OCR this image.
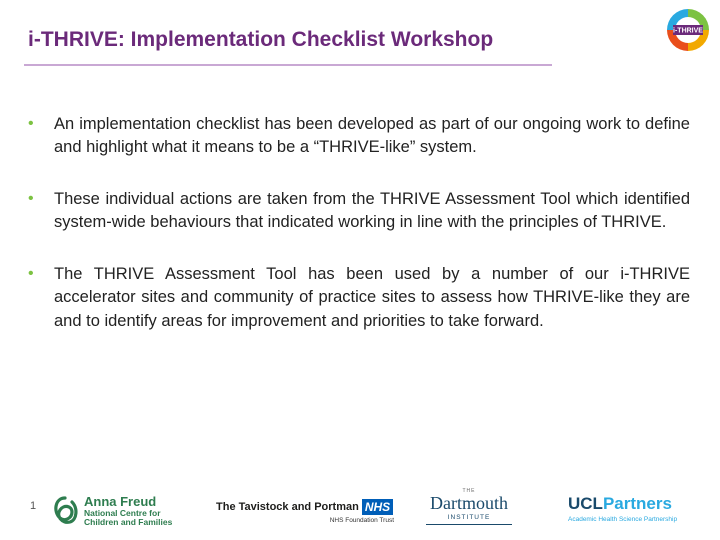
i-THRIVE: Implementation Checklist Workshop	i-THRIVE
• An implementation checklist has been developed as part of our ongoing work to define and highlight what it means to be a “THRIVE-like” system.
• These individual actions are taken from the THRIVE Assessment Tool which identified system-wide behaviours that indicated working in line with the principles of THRIVE.
• The THRIVE Assessment Tool has been used by a number of our i-THRIVE accelerator sites and community of practice sites to assess how THRIVE-like they are and to identify areas for improvement and priorities to take forward.
1	Anna Freud
National Centre for
Children and Families
The Tavistock and Portman NHS
NHS Foundation Trust
THE
Dartmouth
INSTITUTE
UCLPartners
Academic Health Science Partnership
